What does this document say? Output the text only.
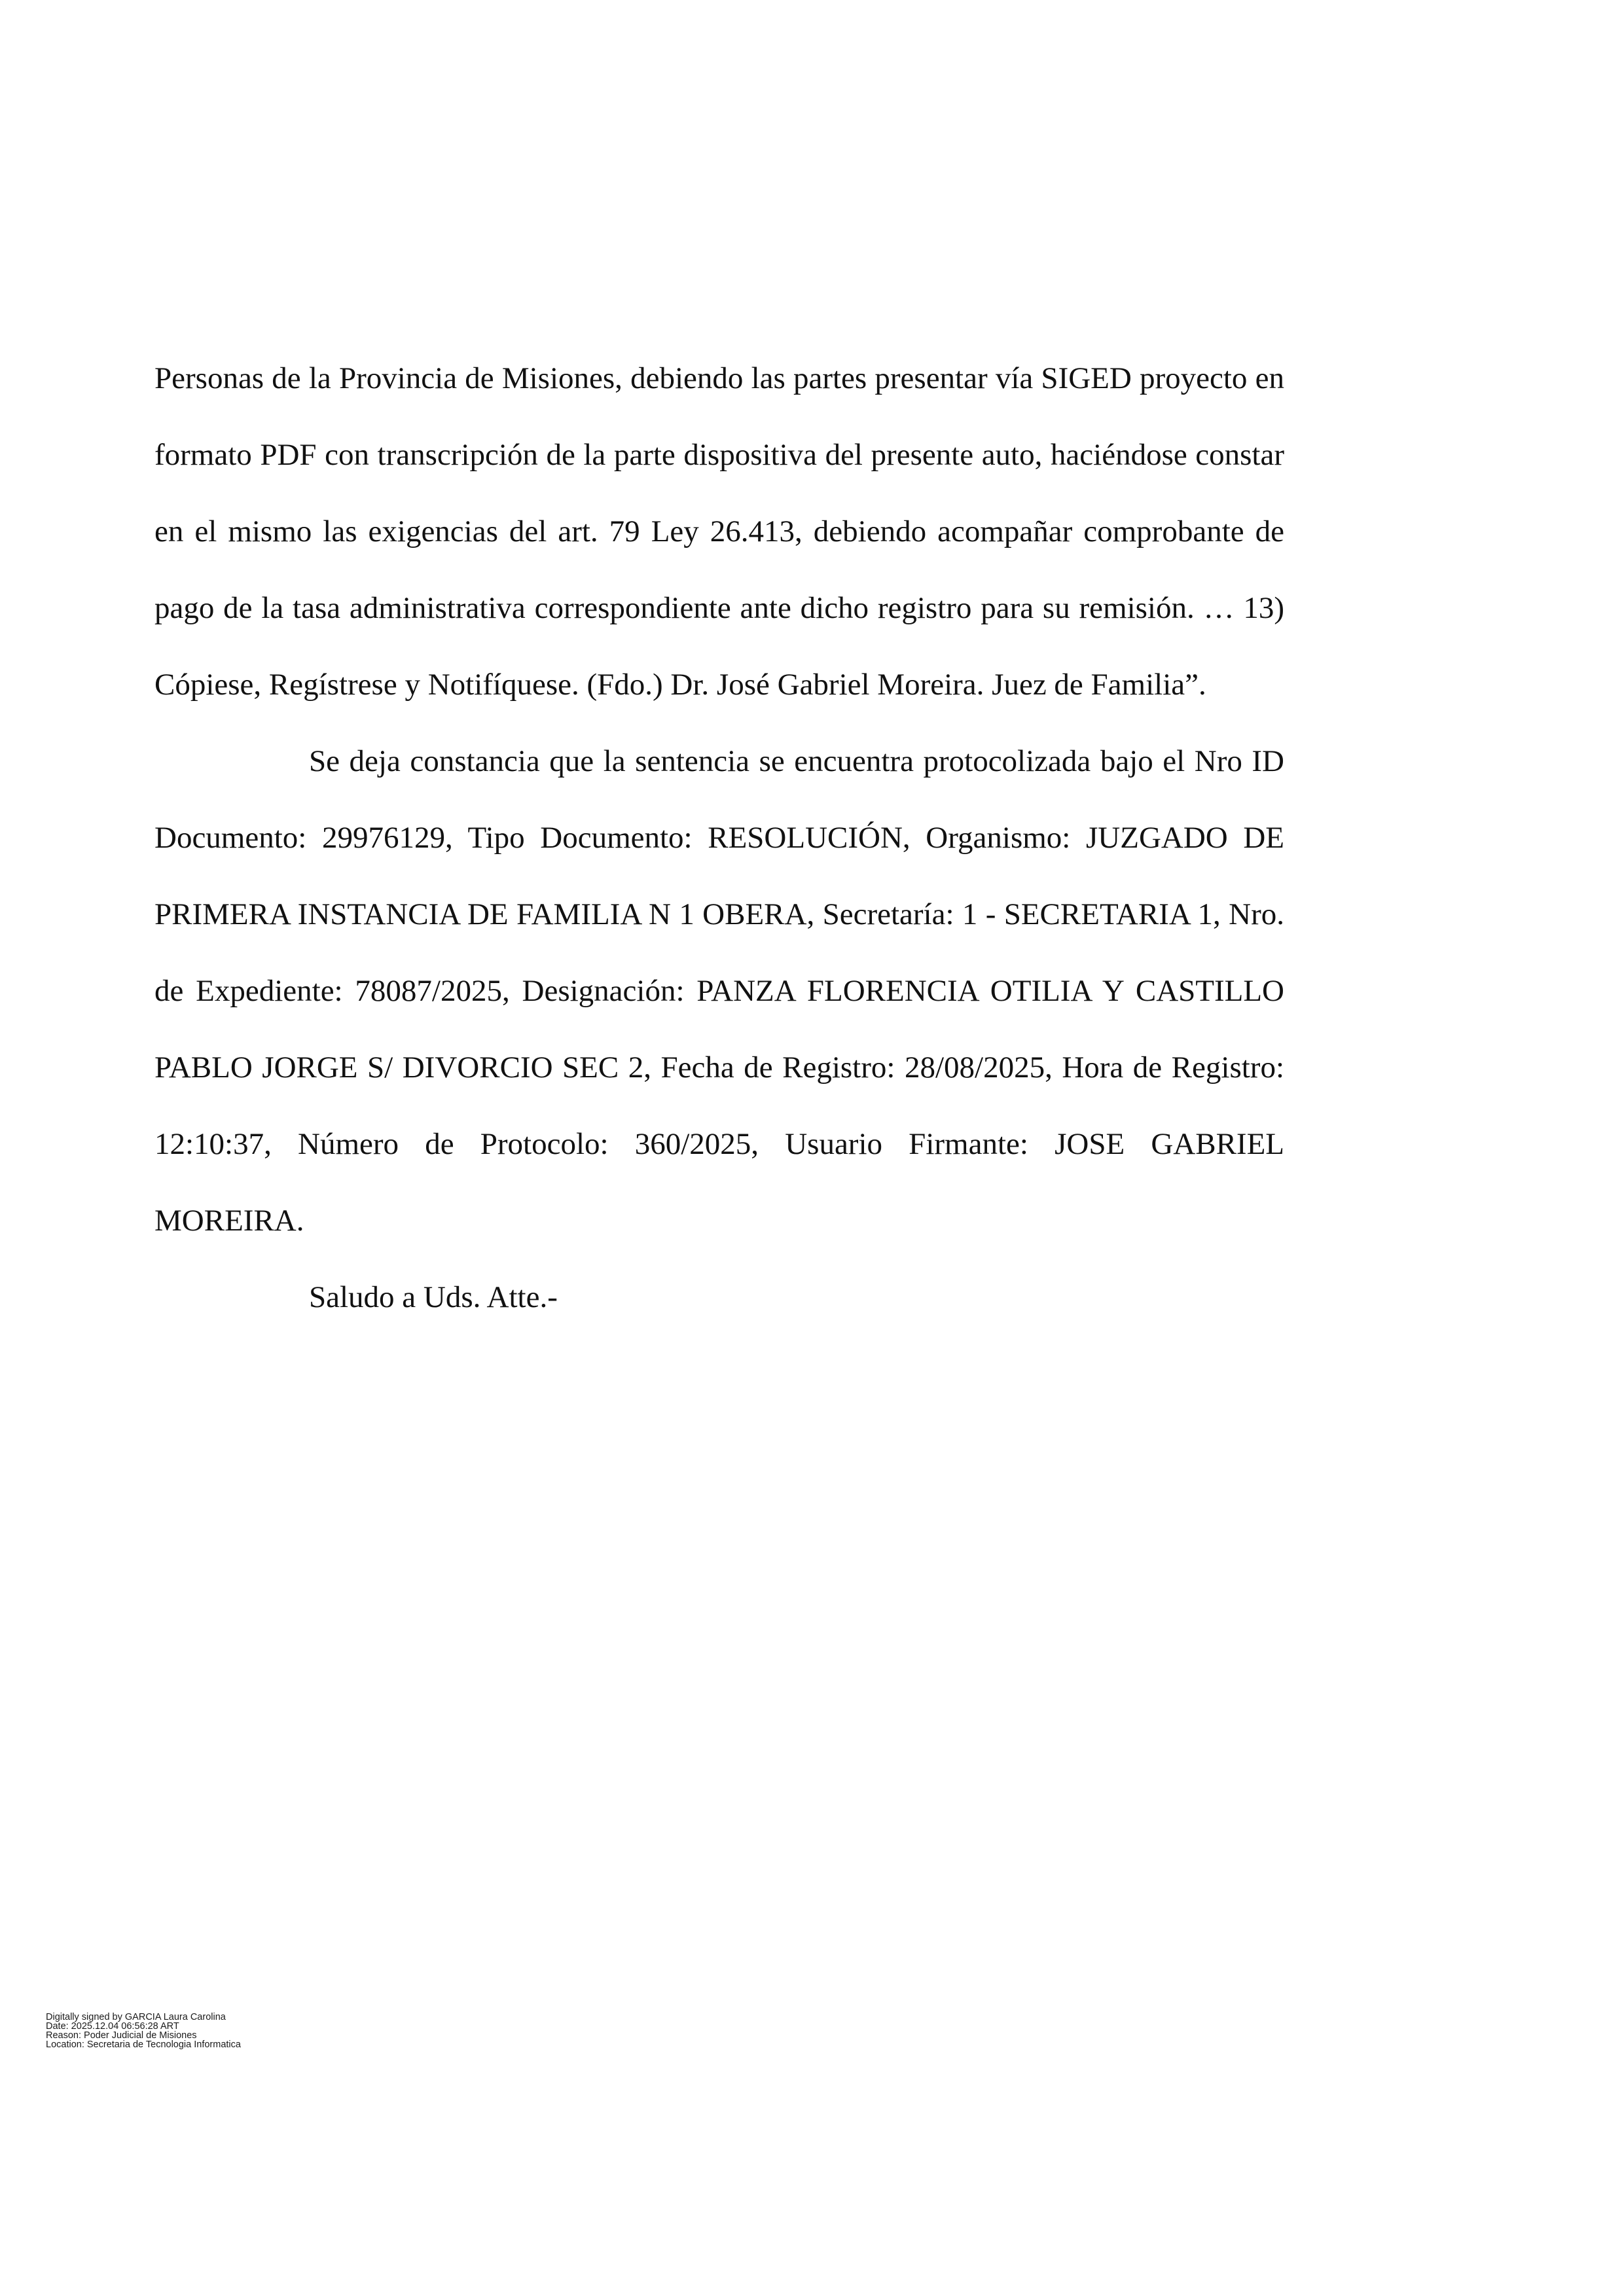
Personas de la Provincia de Misiones, debiendo las partes presentar vía SIGED proyecto en formato PDF con transcripción de la parte dispositiva del presente auto, haciéndose constar en el mismo las exigencias del art. 79 Ley 26.413, debiendo acompañar comprobante de pago de la tasa administrativa correspondiente ante dicho registro para su remisión. … 13) Cópiese, Regístrese y Notifíquese. (Fdo.) Dr. José Gabriel Moreira. Juez de Familia”.

Se deja constancia que la sentencia se encuentra protocolizada bajo el Nro ID Documento: 29976129, Tipo Documento: RESOLUCIÓN, Organismo: JUZGADO DE PRIMERA INSTANCIA DE FAMILIA N 1 OBERA, Secretaría: 1 - SECRETARIA 1, Nro. de Expediente: 78087/2025, Designación: PANZA FLORENCIA OTILIA Y CASTILLO PABLO JORGE S/ DIVORCIO SEC 2, Fecha de Registro: 28/08/2025, Hora de Registro: 12:10:37, Número de Protocolo: 360/2025, Usuario Firmante: JOSE GABRIEL MOREIRA.

Saludo a Uds. Atte.-

Digitally signed by GARCIA Laura Carolina
Date: 2025.12.04 06:56:28 ART
Reason: Poder Judicial de Misiones
Location: Secretaria de Tecnologia Informatica
